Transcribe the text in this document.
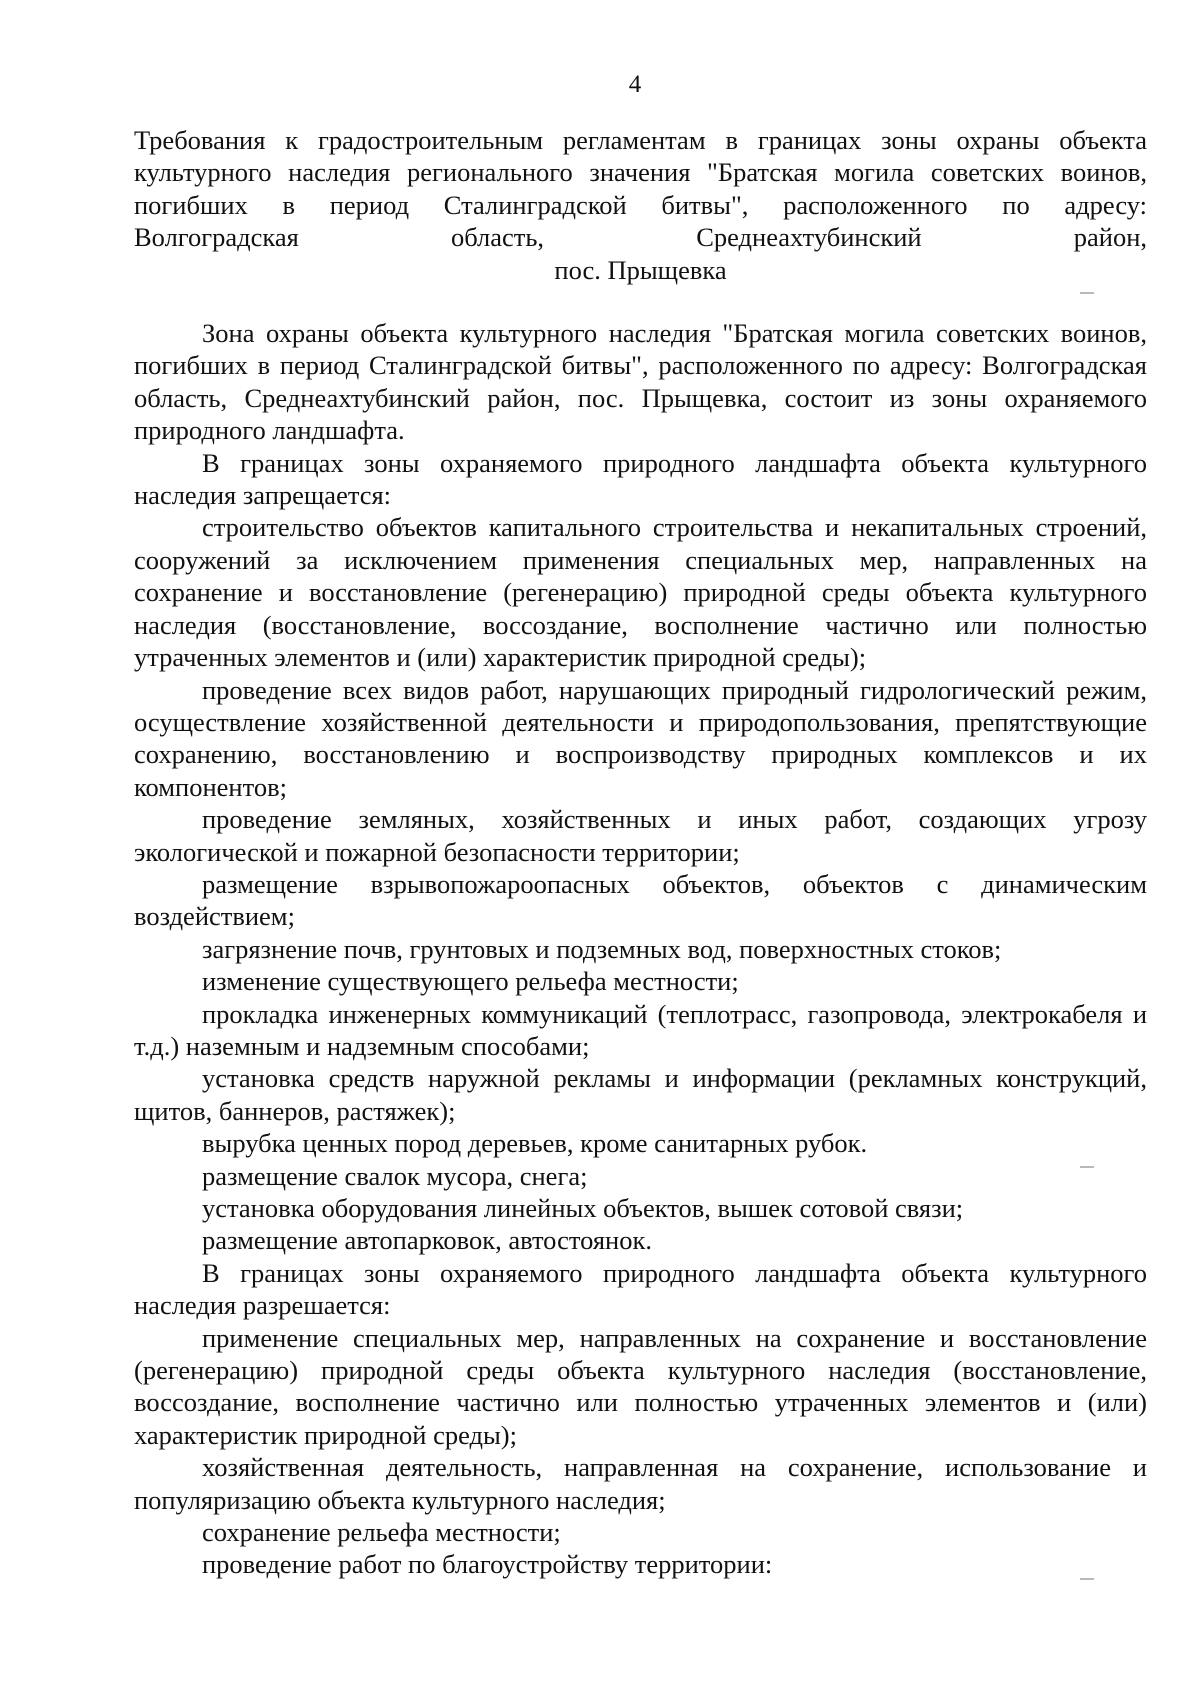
4

Требования к градостроительным регламентам в границах зоны охраны объекта

культурного наследия регионального значения "Братская могила советских воинов,

погибших в период Сталинградской битвы", расположенного по адресу:

Волгоградская область, Среднеахтубинский район,

пос. Прыщевка

Зона охраны объекта культурного наследия "Братская могила советских воинов, погибших в период Сталинградской битвы", расположенного по адресу: Волгоградская область, Среднеахтубинский район, пос. Прыщевка, состоит из зоны охраняемого природного ландшафта.

В границах зоны охраняемого природного ландшафта объекта культурного наследия запрещается:

строительство объектов капитального строительства и некапитальных строений, сооружений за исключением применения специальных мер, направленных на сохранение и восстановление (регенерацию) природной среды объекта культурного наследия (восстановление, воссоздание, восполнение частично или полностью утраченных элементов и (или) характеристик природной среды);

проведение всех видов работ, нарушающих природный гидрологический режим, осуществление хозяйственной деятельности и природопользования, препятствующие сохранению, восстановлению и воспроизводству природных комплексов и их компонентов;

проведение земляных, хозяйственных и иных работ, создающих угрозу экологической и пожарной безопасности территории;

размещение взрывопожароопасных объектов, объектов с динамическим воздействием;

загрязнение почв, грунтовых и подземных вод, поверхностных стоков;

изменение существующего рельефа местности;

прокладка инженерных коммуникаций (теплотрасс, газопровода, электрокабеля и т.д.) наземным и надземным способами;

установка средств наружной рекламы и информации (рекламных конструкций, щитов, баннеров, растяжек);

вырубка ценных пород деревьев, кроме санитарных рубок.

размещение свалок мусора, снега;

установка оборудования линейных объектов, вышек сотовой связи;

размещение автопарковок, автостоянок.

В границах зоны охраняемого природного ландшафта объекта культурного наследия разрешается:

применение специальных мер, направленных на сохранение и восстановление (регенерацию) природной среды объекта культурного наследия (восстановление, воссоздание, восполнение частично или полностью утраченных элементов и (или) характеристик природной среды);

хозяйственная деятельность, направленная на сохранение, использование и популяризацию объекта культурного наследия;

сохранение рельефа местности;

проведение работ по благоустройству территории:
